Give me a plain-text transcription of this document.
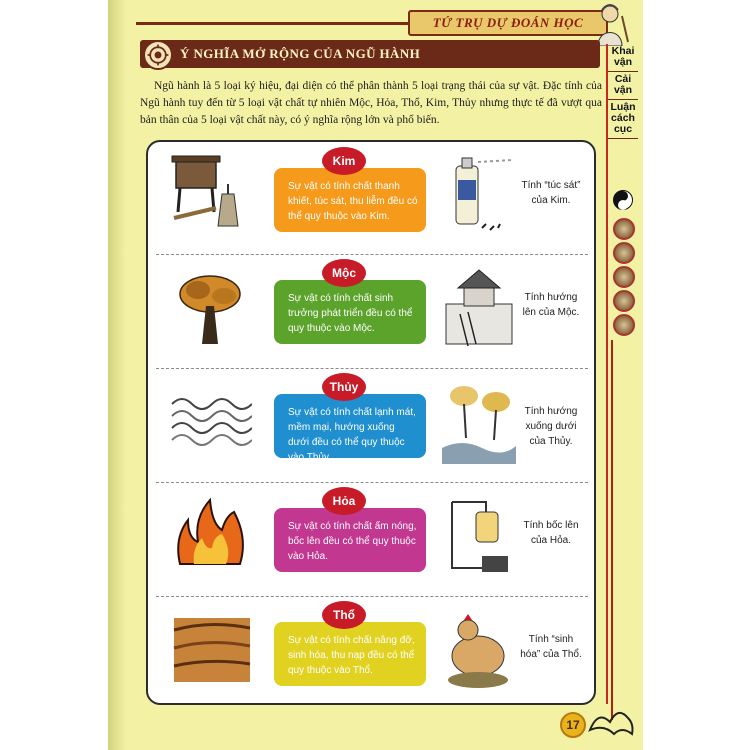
TỨ TRỤ DỰ ĐOÁN HỌC
Ý NGHĨA MỞ RỘNG CỦA NGŨ HÀNH	Khai vận
Cải vận
Luận cách cục

Ngũ hành là 5 loại ký hiệu, đại diện có thể phân thành 5 loại trạng thái của sự vật. Đặc tính của Ngũ hành tuy đến từ 5 loại vật chất tự nhiên Mộc, Hỏa, Thổ, Kim, Thủy nhưng thực tế đã vượt qua bản thân của 5 loại vật chất này, có ý nghĩa rộng lớn và phổ biến.

Sự vật có tính chất thanh khiết, túc sát, thu liễm đều có thể quy thuộc vào Kim.
Kim
Tính “túc sát” của Kim.
Sự vật có tính chất sinh trưởng phát triển đều có thể quy thuộc vào Mộc.
Mộc
Tính hướng lên của Mộc.
Sự vật có tính chất lạnh mát, mềm mại, hướng xuống dưới đều có thể quy thuộc vào Thủy.
Thủy
Tính hướng xuống dưới của Thủy.
Sự vật có tính chất ấm nóng, bốc lên đều có thể quy thuộc vào Hỏa.
Hỏa
Tính bốc lên của Hỏa.
Sự vật có tính chất nâng đỡ, sinh hóa, thu nạp đều có thể quy thuộc vào Thổ.
Thổ
Tính “sinh hóa” của Thổ.
17
